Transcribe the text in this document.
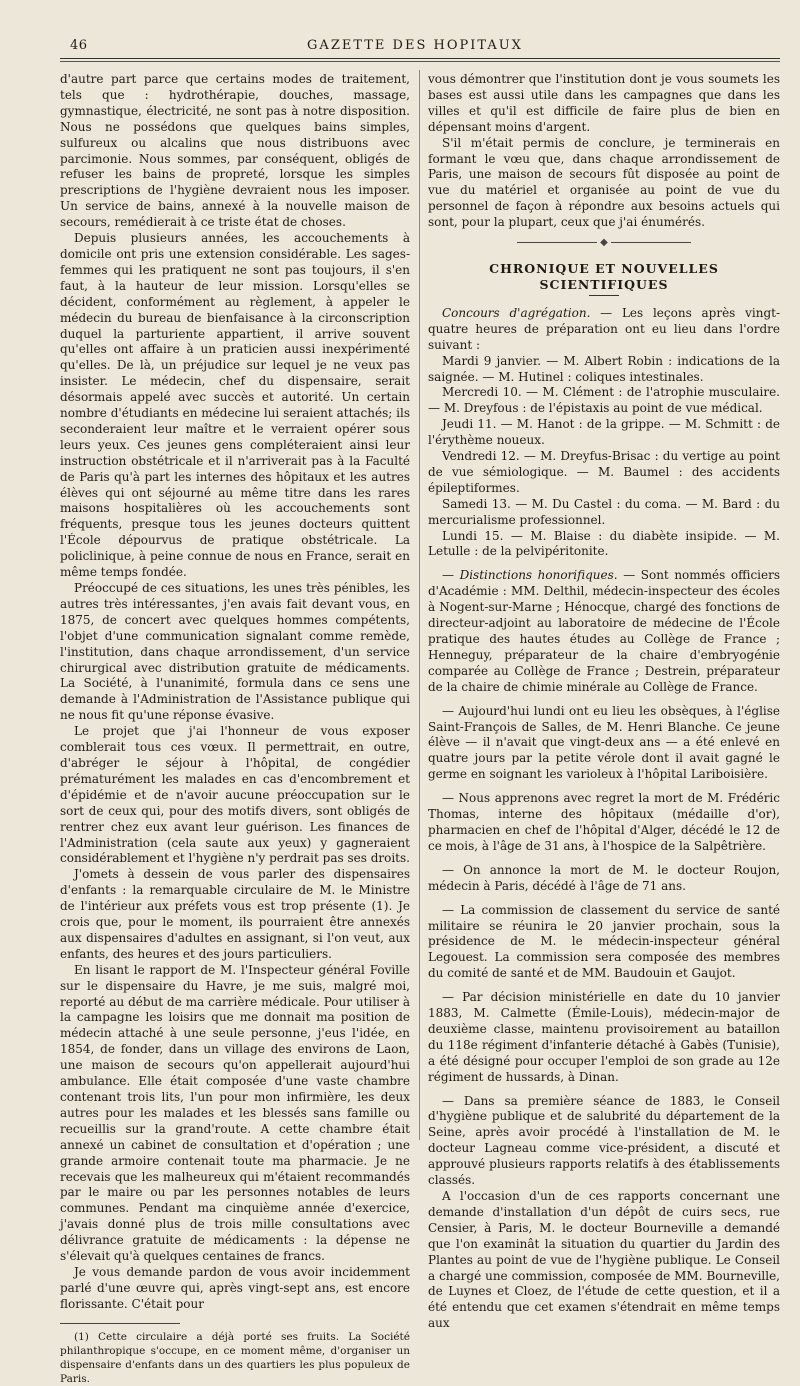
46	GAZETTE DES HOPITAUX

d'autre part parce que certains modes de traitement, tels que : hydrothérapie, douches, massage, gymnastique, électricité, ne sont pas à notre disposition. Nous ne possédons que quelques bains simples, sulfureux ou alcalins que nous distribuons avec parcimonie. Nous sommes, par conséquent, obligés de refuser les bains de propreté, lorsque les simples prescriptions de l'hygiène devraient nous les imposer. Un service de bains, annexé à la nouvelle maison de secours, remédierait à ce triste état de choses.

Depuis plusieurs années, les accouchements à domicile ont pris une extension considérable. Les sages-femmes qui les pratiquent ne sont pas toujours, il s'en faut, à la hauteur de leur mission. Lorsqu'elles se décident, conformément au règlement, à appeler le médecin du bureau de bienfaisance à la circonscription duquel la parturiente appartient, il arrive souvent qu'elles ont affaire à un praticien aussi inexpérimenté qu'elles. De là, un préjudice sur lequel je ne veux pas insister. Le médecin, chef du dispensaire, serait désormais appelé avec succès et autorité. Un certain nombre d'étudiants en médecine lui seraient attachés; ils seconderaient leur maître et le verraient opérer sous leurs yeux. Ces jeunes gens compléteraient ainsi leur instruction obstétricale et il n'arriverait pas à la Faculté de Paris qu'à part les internes des hôpitaux et les autres élèves qui ont séjourné au même titre dans les rares maisons hospitalières où les accouchements sont fréquents, presque tous les jeunes docteurs quittent l'École dépourvus de pratique obstétricale. La policlinique, à peine connue de nous en France, serait en même temps fondée.

Préoccupé de ces situations, les unes très pénibles, les autres très intéressantes, j'en avais fait devant vous, en 1875, de concert avec quelques hommes compétents, l'objet d'une communication signalant comme remède, l'institution, dans chaque arrondissement, d'un service chirurgical avec distribution gratuite de médicaments. La Société, à l'unanimité, formula dans ce sens une demande à l'Administration de l'Assistance publique qui ne nous fit qu'une réponse évasive.

Le projet que j'ai l'honneur de vous exposer comblerait tous ces vœux. Il permettrait, en outre, d'abréger le séjour à l'hôpital, de congédier prématurément les malades en cas d'encombrement et d'épidémie et de n'avoir aucune préoccupation sur le sort de ceux qui, pour des motifs divers, sont obligés de rentrer chez eux avant leur guérison. Les finances de l'Administration (cela saute aux yeux) y gagneraient considérablement et l'hygiène n'y perdrait pas ses droits.

J'omets à dessein de vous parler des dispensaires d'enfants : la remarquable circulaire de M. le Ministre de l'intérieur aux préfets vous est trop présente (1). Je crois que, pour le moment, ils pourraient être annexés aux dispensaires d'adultes en assignant, si l'on veut, aux enfants, des heures et des jours particuliers.

En lisant le rapport de M. l'Inspecteur général Foville sur le dispensaire du Havre, je me suis, malgré moi, reporté au début de ma carrière médicale. Pour utiliser à la campagne les loisirs que me donnait ma position de médecin attaché à une seule personne, j'eus l'idée, en 1854, de fonder, dans un village des environs de Laon, une maison de secours qu'on appellerait aujourd'hui ambulance. Elle était composée d'une vaste chambre contenant trois lits, l'un pour mon infirmière, les deux autres pour les malades et les blessés sans famille ou recueillis sur la grand'route. A cette chambre était annexé un cabinet de consultation et d'opération ; une grande armoire contenait toute ma pharmacie. Je ne recevais que les malheureux qui m'étaient recommandés par le maire ou par les personnes notables de leurs communes. Pendant ma cinquième année d'exercice, j'avais donné plus de trois mille consultations avec délivrance gratuite de médicaments : la dépense ne s'élevait qu'à quelques centaines de francs.

Je vous demande pardon de vous avoir incidemment parlé d'une œuvre qui, après vingt-sept ans, est encore florissante. C'était pour

(1) Cette circulaire a déjà porté ses fruits. La Société philanthropique s'occupe, en ce moment même, d'organiser un dispensaire d'enfants dans un des quartiers les plus populeux de Paris.

vous démontrer que l'institution dont je vous soumets les bases est aussi utile dans les campagnes que dans les villes et qu'il est difficile de faire plus de bien en dépensant moins d'argent.

S'il m'était permis de conclure, je terminerais en formant le vœu que, dans chaque arrondissement de Paris, une maison de secours fût disposée au point de vue du matériel et organisée au point de vue du personnel de façon à répondre aux besoins actuels qui sont, pour la plupart, ceux que j'ai énumérés.

◆
CHRONIQUE ET NOUVELLES SCIENTIFIQUES

Concours d'agrégation. — Les leçons après vingt-quatre heures de préparation ont eu lieu dans l'ordre suivant :

Mardi 9 janvier. — M. Albert Robin : indications de la saignée. — M. Hutinel : coliques intestinales.

Mercredi 10. — M. Clément : de l'atrophie musculaire. — M. Dreyfous : de l'épistaxis au point de vue médical.

Jeudi 11. — M. Hanot : de la grippe. — M. Schmitt : de l'érythème noueux.

Vendredi 12. — M. Dreyfus-Brisac : du vertige au point de vue sémiologique. — M. Baumel : des accidents épileptiformes.

Samedi 13. — M. Du Castel : du coma. — M. Bard : du mercurialisme professionnel.

Lundi 15. — M. Blaise : du diabète insipide. — M. Letulle : de la pelvipéritonite.

— Distinctions honorifiques. — Sont nommés officiers d'Académie : MM. Delthil, médecin-inspecteur des écoles à Nogent-sur-Marne ; Hénocque, chargé des fonctions de directeur-adjoint au laboratoire de médecine de l'École pratique des hautes études au Collège de France ; Henneguy, préparateur de la chaire d'embryogénie comparée au Collège de France ; Destrein, préparateur de la chaire de chimie minérale au Collège de France.

— Aujourd'hui lundi ont eu lieu les obsèques, à l'église Saint-François de Salles, de M. Henri Blanche. Ce jeune élève — il n'avait que vingt-deux ans — a été enlevé en quatre jours par la petite vérole dont il avait gagné le germe en soignant les varioleux à l'hôpital Lariboisière.

— Nous apprenons avec regret la mort de M. Frédéric Thomas, interne des hôpitaux (médaille d'or), pharmacien en chef de l'hôpital d'Alger, décédé le 12 de ce mois, à l'âge de 31 ans, à l'hospice de la Salpêtrière.

— On annonce la mort de M. le docteur Roujon, médecin à Paris, décédé à l'âge de 71 ans.

— La commission de classement du service de santé militaire se réunira le 20 janvier prochain, sous la présidence de M. le médecin-inspecteur général Legouest. La commission sera composée des membres du comité de santé et de MM. Baudouin et Gaujot.

— Par décision ministérielle en date du 10 janvier 1883, M. Calmette (Émile-Louis), médecin-major de deuxième classe, maintenu provisoirement au bataillon du 118e régiment d'infanterie détaché à Gabès (Tunisie), a été désigné pour occuper l'emploi de son grade au 12e régiment de hussards, à Dinan.

— Dans sa première séance de 1883, le Conseil d'hygiène publique et de salubrité du département de la Seine, après avoir procédé à l'installation de M. le docteur Lagneau comme vice-président, a discuté et approuvé plusieurs rapports relatifs à des établissements classés.

A l'occasion d'un de ces rapports concernant une demande d'installation d'un dépôt de cuirs secs, rue Censier, à Paris, M. le docteur Bourneville a demandé que l'on examinât la situation du quartier du Jardin des Plantes au point de vue de l'hygiène publique. Le Conseil a chargé une commission, composée de MM. Bourneville, de Luynes et Cloez, de l'étude de cette question, et il a été entendu que cet examen s'étendrait en même temps aux
